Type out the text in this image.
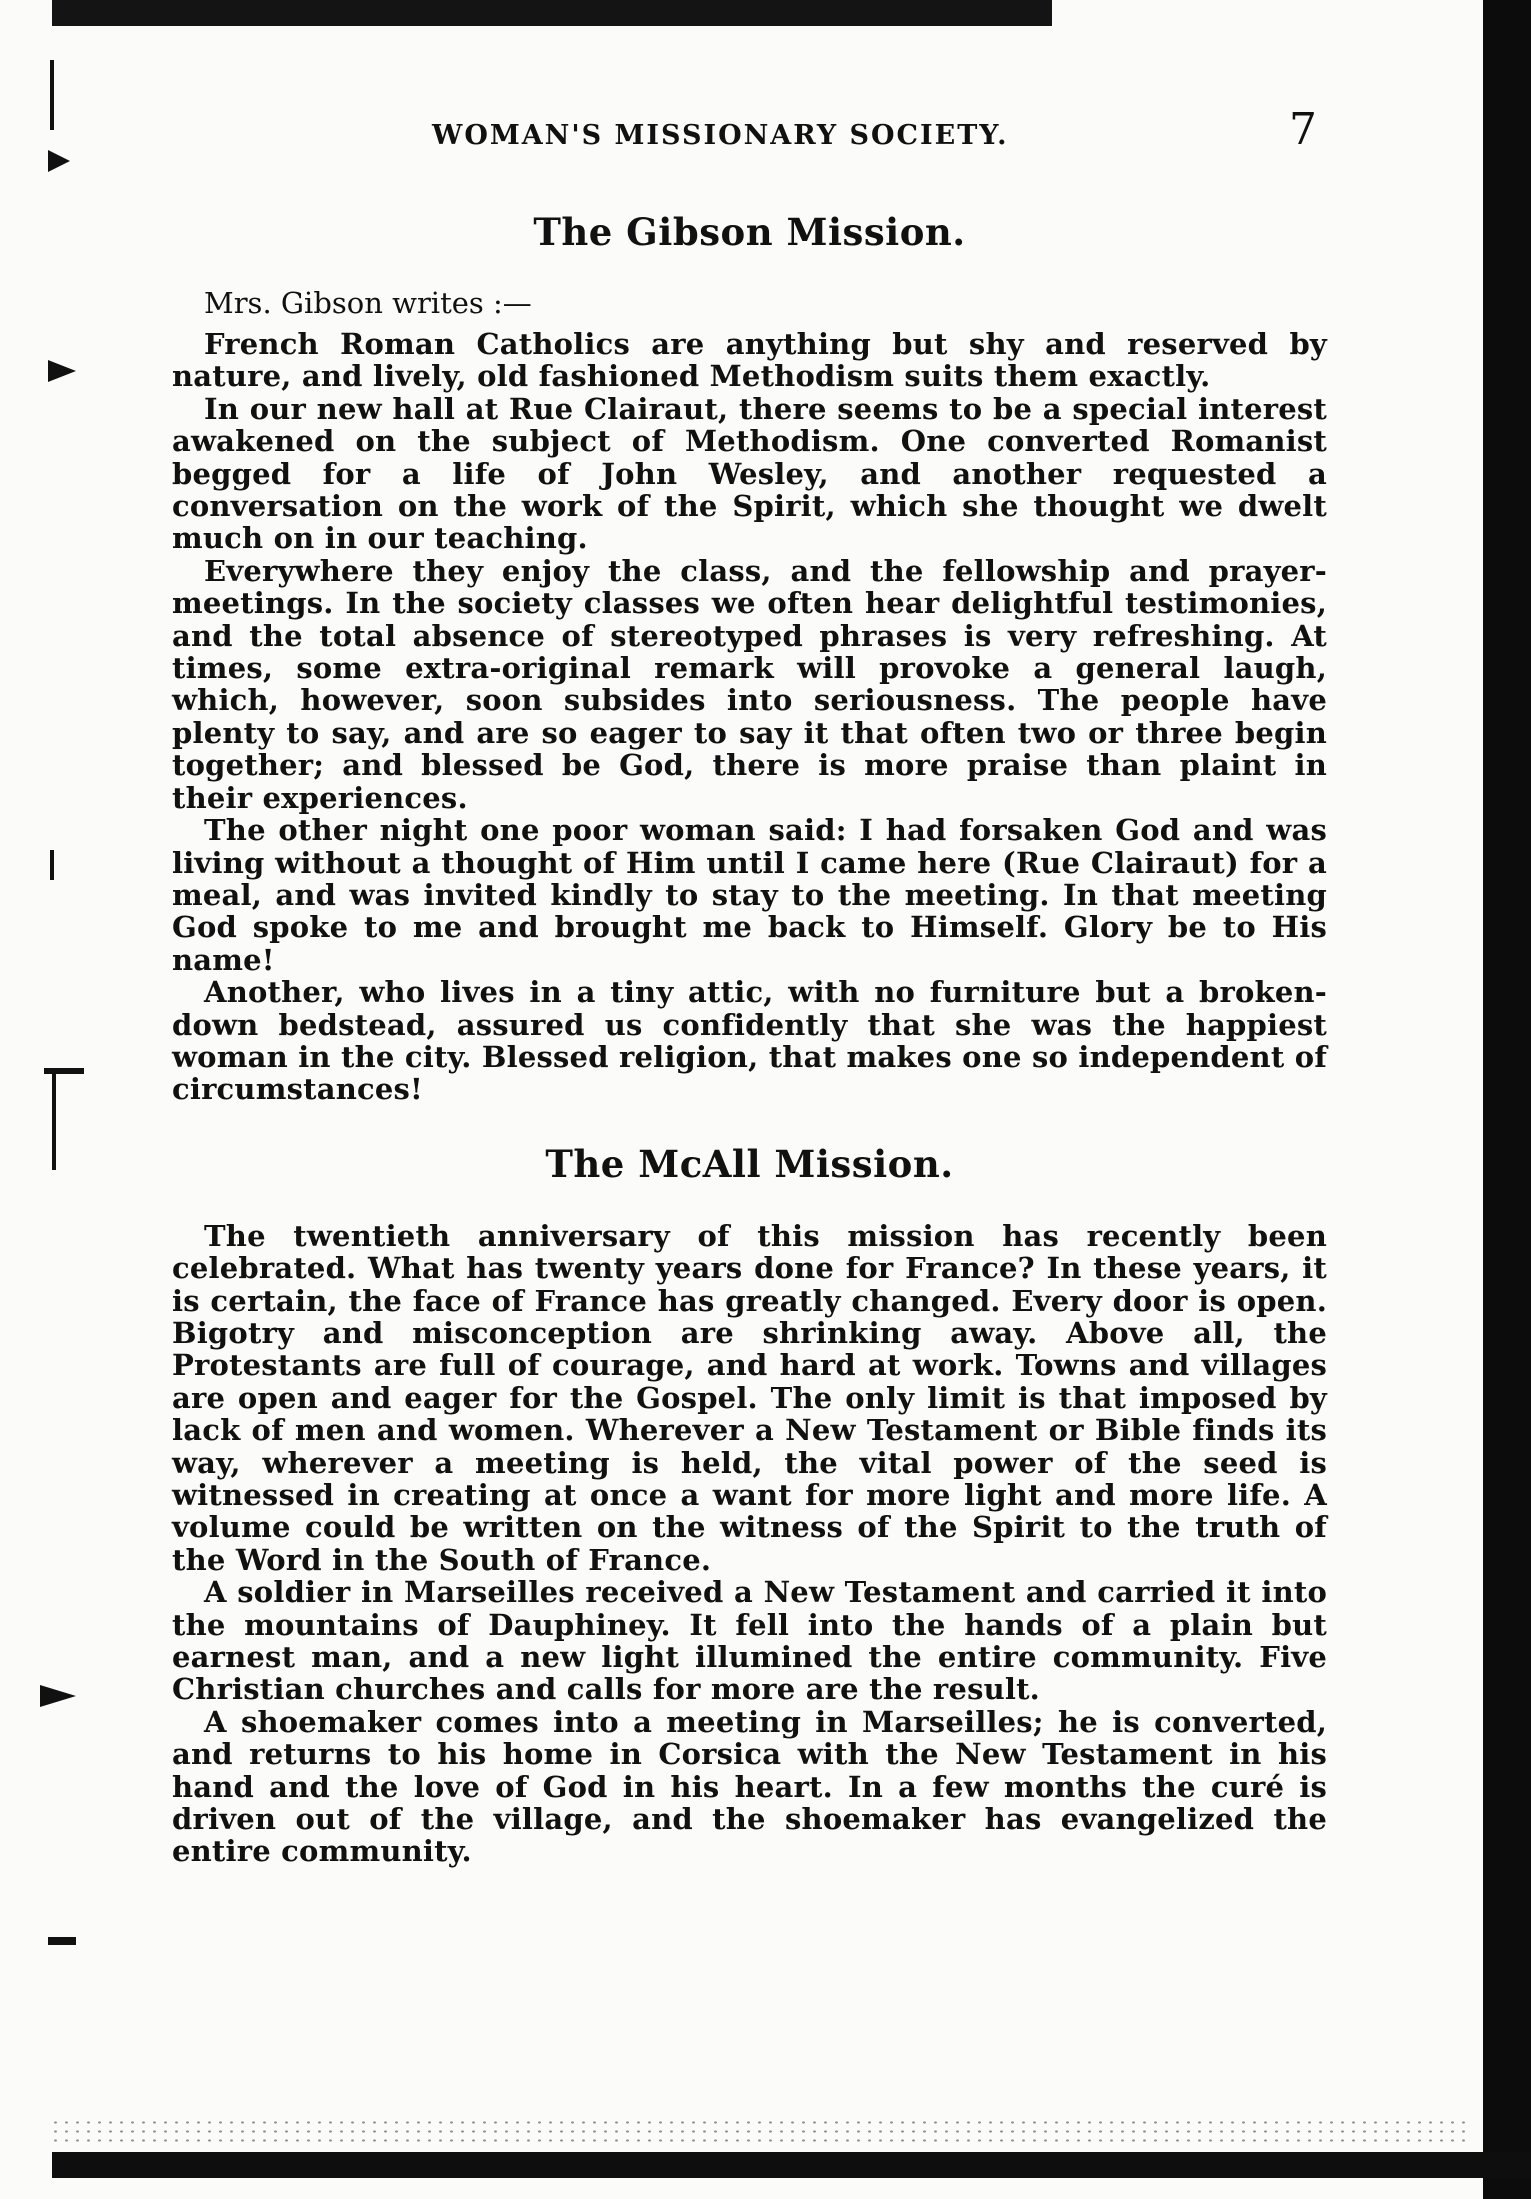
WOMAN'S MISSIONARY SOCIETY.	7
The Gibson Mission.
Mrs. Gibson writes :—

French Roman Catholics are anything but shy and reserved by nature, and lively, old fashioned Methodism suits them exactly.

In our new hall at Rue Clairaut, there seems to be a special interest awakened on the subject of Methodism. One converted Romanist begged for a life of John Wesley, and another requested a conversation on the work of the Spirit, which she thought we dwelt much on in our teaching.

Everywhere they enjoy the class, and the fellowship and prayer-meetings. In the society classes we often hear delightful testimonies, and the total absence of stereotyped phrases is very refreshing. At times, some extra-original remark will provoke a general laugh, which, however, soon subsides into seriousness. The people have plenty to say, and are so eager to say it that often two or three begin together; and blessed be God, there is more praise than plaint in their experiences.

The other night one poor woman said: I had forsaken God and was living without a thought of Him until I came here (Rue Clairaut) for a meal, and was invited kindly to stay to the meeting. In that meeting God spoke to me and brought me back to Himself. Glory be to His name!

Another, who lives in a tiny attic, with no furniture but a broken-down bedstead, assured us confidently that she was the happiest woman in the city. Blessed religion, that makes one so independent of circumstances!

The McAll Mission.

The twentieth anniversary of this mission has recently been celebrated. What has twenty years done for France? In these years, it is certain, the face of France has greatly changed. Every door is open. Bigotry and misconception are shrinking away. Above all, the Protestants are full of courage, and hard at work. Towns and villages are open and eager for the Gospel. The only limit is that imposed by lack of men and women. Wherever a New Testament or Bible finds its way, wherever a meeting is held, the vital power of the seed is witnessed in creating at once a want for more light and more life. A volume could be written on the witness of the Spirit to the truth of the Word in the South of France.

A soldier in Marseilles received a New Testament and carried it into the mountains of Dauphiney. It fell into the hands of a plain but earnest man, and a new light illumined the entire community. Five Christian churches and calls for more are the result.

A shoemaker comes into a meeting in Marseilles; he is converted, and returns to his home in Corsica with the New Testament in his hand and the love of God in his heart. In a few months the curé is driven out of the village, and the shoemaker has evangelized the entire community.
